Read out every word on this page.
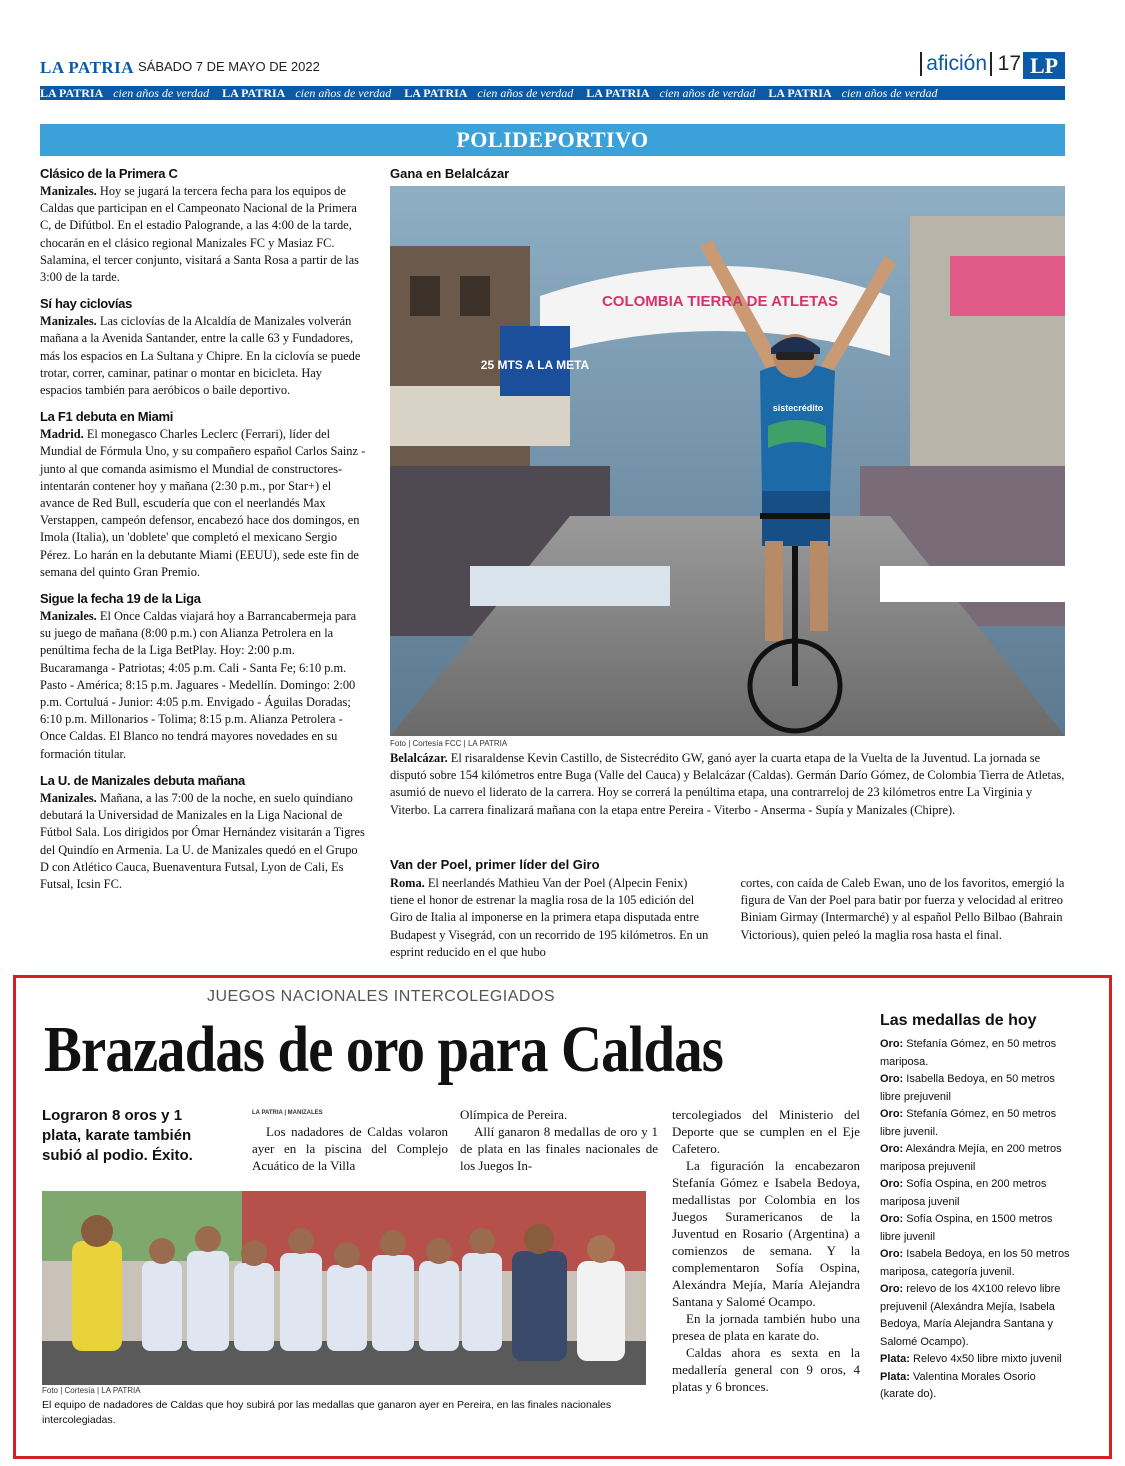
LA PATRIA SÁBADO 7 DE MAYO DE 2022	afición 17 LP
LA PATRIA cien años de verdad LA PATRIA cien años de verdad LA PATRIA cien años de verdad LA PATRIA cien años de verdad LA PATRIA cien años de verdad
POLIDEPORTIVO
Clásico de la Primera C

Manizales. Hoy se jugará la tercera fecha para los equipos de Caldas que participan en el Campeonato Nacional de la Primera C, de Difútbol. En el estadio Palogrande, a las 4:00 de la tarde, chocarán en el clásico regional Manizales FC y Masiaz FC. Salamina, el tercer conjunto, visitará a Santa Rosa a partir de las 3:00 de la tarde.

Sí hay ciclovías

Manizales. Las ciclovías de la Alcaldía de Manizales volverán mañana a la Avenida Santander, entre la calle 63 y Fundadores, más los espacios en La Sultana y Chipre. En la ciclovía se puede trotar, correr, caminar, patinar o montar en bicicleta. Hay espacios también para aeróbicos o baile deportivo.

La F1 debuta en Miami

Madrid. El monegasco Charles Leclerc (Ferrari), líder del Mundial de Fórmula Uno, y su compañero español Carlos Sainz -junto al que comanda asimismo el Mundial de constructores- intentarán contener hoy y mañana (2:30 p.m., por Star+) el avance de Red Bull, escudería que con el neerlandés Max Verstappen, campeón defensor, encabezó hace dos domingos, en Imola (Italia), un 'doblete' que completó el mexicano Sergio Pérez. Lo harán en la debutante Miami (EEUU), sede este fin de semana del quinto Gran Premio.

Sigue la fecha 19 de la Liga

Manizales. El Once Caldas viajará hoy a Barrancabermeja para su juego de mañana (8:00 p.m.) con Alianza Petrolera en la penúltima fecha de la Liga BetPlay. Hoy: 2:00 p.m. Bucaramanga - Patriotas; 4:05 p.m. Cali - Santa Fe; 6:10 p.m. Pasto - América; 8:15 p.m. Jaguares - Medellín. Domingo: 2:00 p.m. Cortuluá - Junior: 4:05 p.m. Envigado - Águilas Doradas; 6:10 p.m. Millonarios - Tolima; 8:15 p.m. Alianza Petrolera - Once Caldas. El Blanco no tendrá mayores novedades en su formación titular.

La U. de Manizales debuta mañana

Manizales. Mañana, a las 7:00 de la noche, en suelo quindiano debutará la Universidad de Manizales en la Liga Nacional de Fútbol Sala. Los dirigidos por Ómar Hernández visitarán a Tigres del Quindío en Armenia. La U. de Manizales quedó en el Grupo D con Atlético Cauca, Buenaventura Futsal, Lyon de Cali, Es Futsal, Icsin FC.

Gana en Belalcázar
25 MTS A LA META
COLOMBIA TIERRA DE ATLETAS
sistecrédito
Foto | Cortesía FCC | LA PATRIA

Belalcázar. El risaraldense Kevin Castillo, de Sistecrédito GW, ganó ayer la cuarta etapa de la Vuelta de la Juventud. La jornada se disputó sobre 154 kilómetros entre Buga (Valle del Cauca) y Belalcázar (Caldas). Germán Darío Gómez, de Colombia Tierra de Atletas, asumió de nuevo el liderato de la carrera. Hoy se correrá la penúltima etapa, una contrarreloj de 23 kilómetros entre La Virginia y Viterbo. La carrera finalizará mañana con la etapa entre Pereira - Viterbo - Anserma - Supía y Manizales (Chipre).

Van der Poel, primer líder del Giro

Roma. El neerlandés Mathieu Van der Poel (Alpecin Fenix) tiene el honor de estrenar la maglia rosa de la 105 edición del Giro de Italia al imponerse en la primera etapa disputada entre Budapest y Visegrád, con un recorrido de 195 kilómetros. En un esprint reducido en el que hubo

cortes, con caída de Caleb Ewan, uno de los favoritos, emergió la figura de Van der Poel para batir por fuerza y velocidad al eritreo Biniam Girmay (Intermarché) y al español Pello Bilbao (Bahrain Victorious), quien peleó la maglia rosa hasta el final.

JUEGOS NACIONALES INTERCOLEGIADOS
Brazadas de oro para Caldas
Lograron 8 oros y 1 plata, karate también subió al podio. Éxito.
LA PATRIA | MANIZALES

Los nadadores de Caldas volaron ayer en la piscina del Complejo Acuático de la Villa

Olímpica de Pereira.

Allí ganaron 8 medallas de oro y 1 de plata en las finales nacionales de los Juegos In-

tercolegiados del Ministerio del Deporte que se cumplen en el Eje Cafetero.

La figuración la encabezaron Stefanía Gómez e Isabela Bedoya, medallistas por Colombia en los Juegos Suramericanos de la Juventud en Rosario (Argentina) a comienzos de semana. Y la complementaron Sofía Ospina, Alexándra Mejía, María Alejandra Santana y Salomé Ocampo.

En la jornada también hubo una presea de plata en karate do.

Caldas ahora es sexta en la medallería general con 9 oros, 4 platas y 6 bronces.

Foto | Cortesía | LA PATRIA
El equipo de nadadores de Caldas que hoy subirá por las medallas que ganaron ayer en Pereira, en las finales nacionales intercolegiadas.
Las medallas de hoy
Oro: Stefanía Gómez, en 50 metros mariposa.
Oro: Isabella Bedoya, en 50 metros libre prejuvenil
Oro: Stefanía Gómez, en 50 metros libre juvenil.
Oro: Alexándra Mejía, en 200 metros mariposa prejuvenil
Oro: Sofía Ospina, en 200 metros mariposa juvenil
Oro: Sofía Ospina, en 1500 metros libre juvenil
Oro: Isabela Bedoya, en los 50 metros mariposa, categoría juvenil.
Oro: relevo de los 4X100 relevo libre prejuvenil (Alexándra Mejía, Isabela Bedoya, María Alejandra Santana y Salomé Ocampo).
Plata: Relevo 4x50 libre mixto juvenil
Plata: Valentina Morales Osorio (karate do).
